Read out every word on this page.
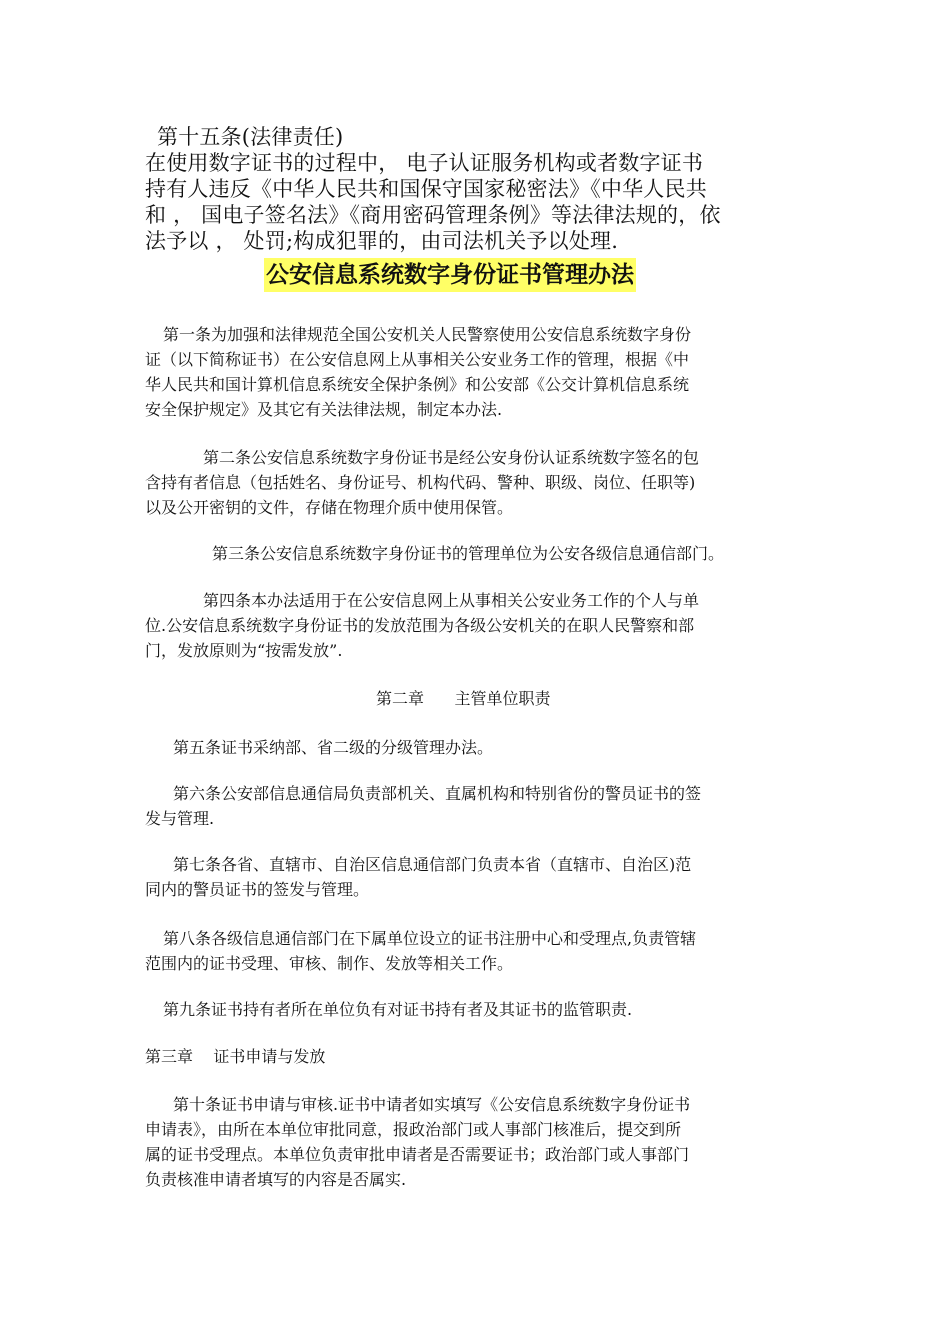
第十五条(法律责任)
在使用数字证书的过程中， 电子认证服务机构或者数字证书
持有人违反《中华人民共和国保守国家秘密法》《中华人民共
和 ， 国电子签名法》《商用密码管理条例》等法律法规的，依
法予以 ， 处罚;构成犯罪的，由司法机关予以处理.
公安信息系统数字身份证书管理办法
第一条为加强和法律规范全国公安机关人民警察使用公安信息系统数字身份
证（以下简称证书）在公安信息网上从事相关公安业务工作的管理，根据《中
华人民共和国计算机信息系统安全保护条例》和公安部《公交计算机信息系统
安全保护规定》及其它有关法律法规，制定本办法.
第二条公安信息系统数字身份证书是经公安身份认证系统数字签名的包
含持有者信息（包括姓名、身份证号、机构代码、警种、职级、岗位、任职等)
以及公开密钥的文件，存储在物理介质中使用保管。
第三条公安信息系统数字身份证书的管理单位为公安各级信息通信部门。
第四条本办法适用于在公安信息网上从事相关公安业务工作的个人与单
位.公安信息系统数字身份证书的发放范围为各级公安机关的在职人民警察和部
门，发放原则为“按需发放”.
第二章      主管单位职责
第五条证书采纳部、省二级的分级管理办法。
第六条公安部信息通信局负责部机关、直属机构和特别省份的警员证书的签
发与管理.
第七条各省、直辖市、自治区信息通信部门负责本省（直辖市、自治区)范
同内的警员证书的签发与管理。
第八条各级信息通信部门在下属单位设立的证书注册中心和受理点,负责管辖
范围内的证书受理、审核、制作、发放等相关工作。
第九条证书持有者所在单位负有对证书持有者及其证书的监管职责.
第三章    证书申请与发放
第十条证书申请与审核.证书中请者如实填写《公安信息系统数字身份证书
申请表》，由所在本单位审批同意，报政治部门或人事部门核准后，提交到所
属的证书受理点。本单位负责审批申请者是否需要证书；政治部门或人事部门
负责核准申请者填写的内容是否属实.
